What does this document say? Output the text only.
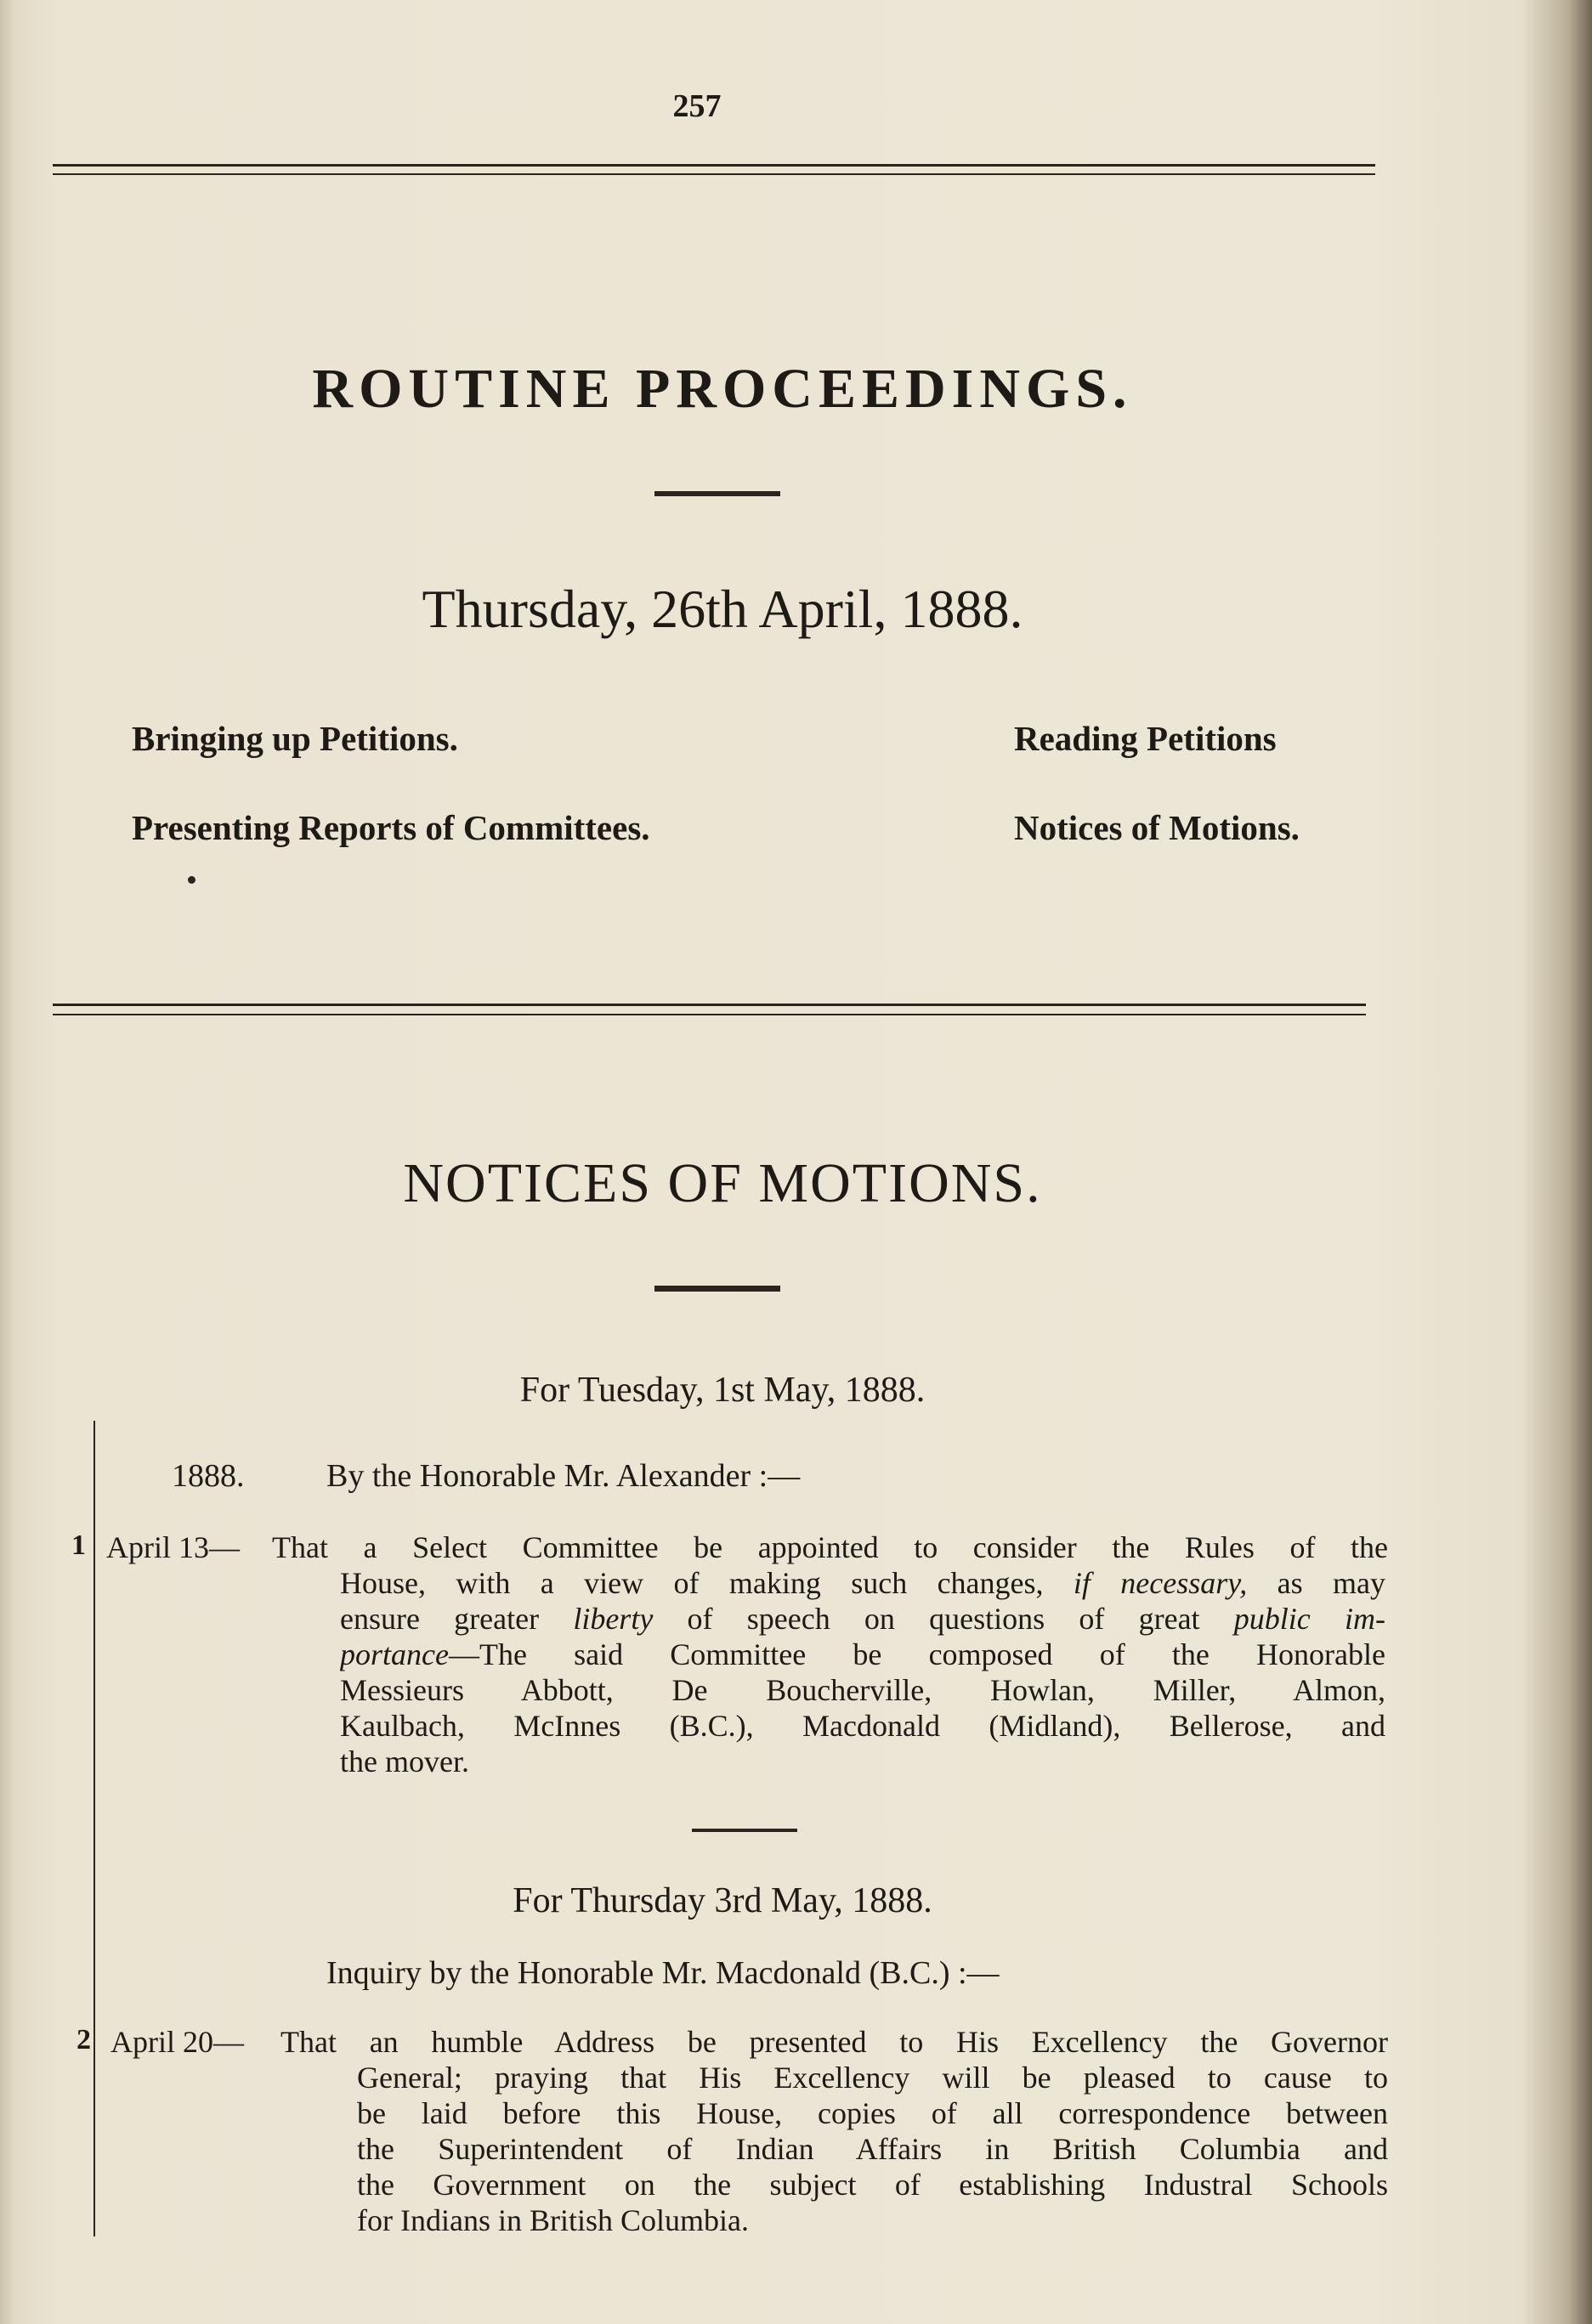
257
ROUTINE PROCEEDINGS.
Thursday, 26th April, 1888.
Bringing up Petitions.	Reading Petitions
Presenting Reports of Committees.	Notices of Motions.
NOTICES OF MOTIONS.
For Tuesday, 1st May, 1888.
1888.	By the Honorable Mr. Alexander :—
1 April 13— That a Select Committee be appointed to consider the Rules of the
House, with a view of making such changes, if necessary, as may
ensure greater liberty of speech on questions of great public im-
portance—The said Committee be composed of the Honorable
Messieurs Abbott, De Boucherville, Howlan, Miller, Almon,
Kaulbach, McInnes (B.C.), Macdonald (Midland), Bellerose, and
the mover.
For Thursday 3rd May, 1888.
Inquiry by the Honorable Mr. Macdonald (B.C.) :—
2 April 20— That an humble Address be presented to His Excellency the Governor
General; praying that His Excellency will be pleased to cause to
be laid before this House, copies of all correspondence between
the Superintendent of Indian Affairs in British Columbia and
the Government on the subject of establishing Industral Schools
for Indians in British Columbia.
